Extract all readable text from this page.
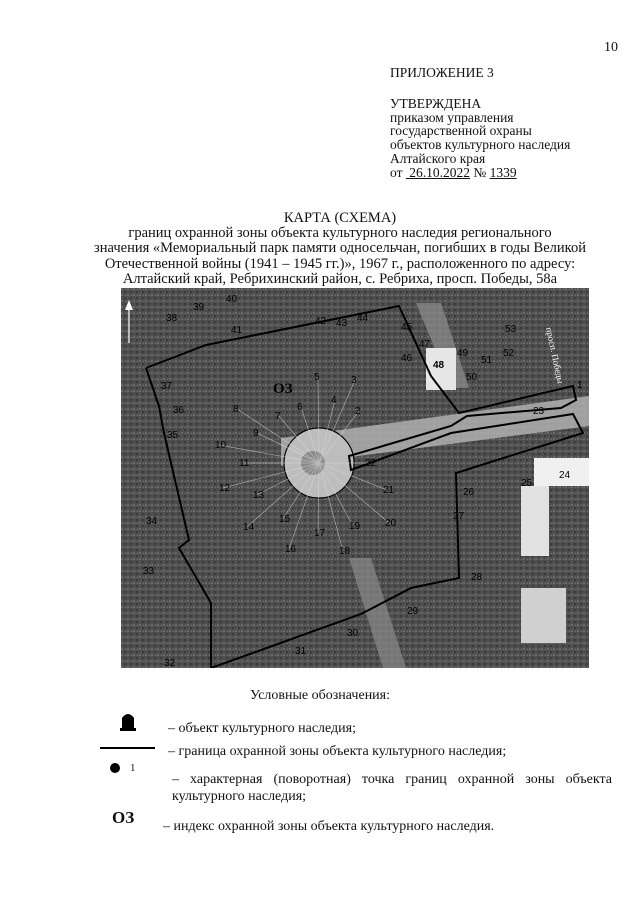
10
ПРИЛОЖЕНИЕ 3
УТВЕРЖДЕНА
приказом управления
государственной охраны
объектов культурного наследия
Алтайского края
от 26.10.2022 № 1339
КАРТА (СХЕМА)
границ охранной зоны объекта культурного наследия регионального
значения «Мемориальный парк памяти односельчан, погибших в годы Великой
Отечественной войны (1941 – 1945 гг.)», 1967 г., расположенного по адресу:
Алтайский край, Ребрихинский район, с. Ребриха, просп. Победы, 58а
1
2
3
4
5
6
7
8
9
10
11
12
13
14
15
16
17
18
19 20
21
22
23
24
25
26
27
28
29
30
31
32
33
34
35
36
37
38
39
40
41
42 43 44
45
46
47
49
50
51
52
53
ОЗ
48	просп. Победы
Условные обозначения:
– объект культурного наследия;
– граница охранной зоны объекта культурного наследия;
1
– характерная (поворотная) точка границ охранной зоны объекта культурного наследия;
ОЗ – индекс охранной зоны объекта культурного наследия.
